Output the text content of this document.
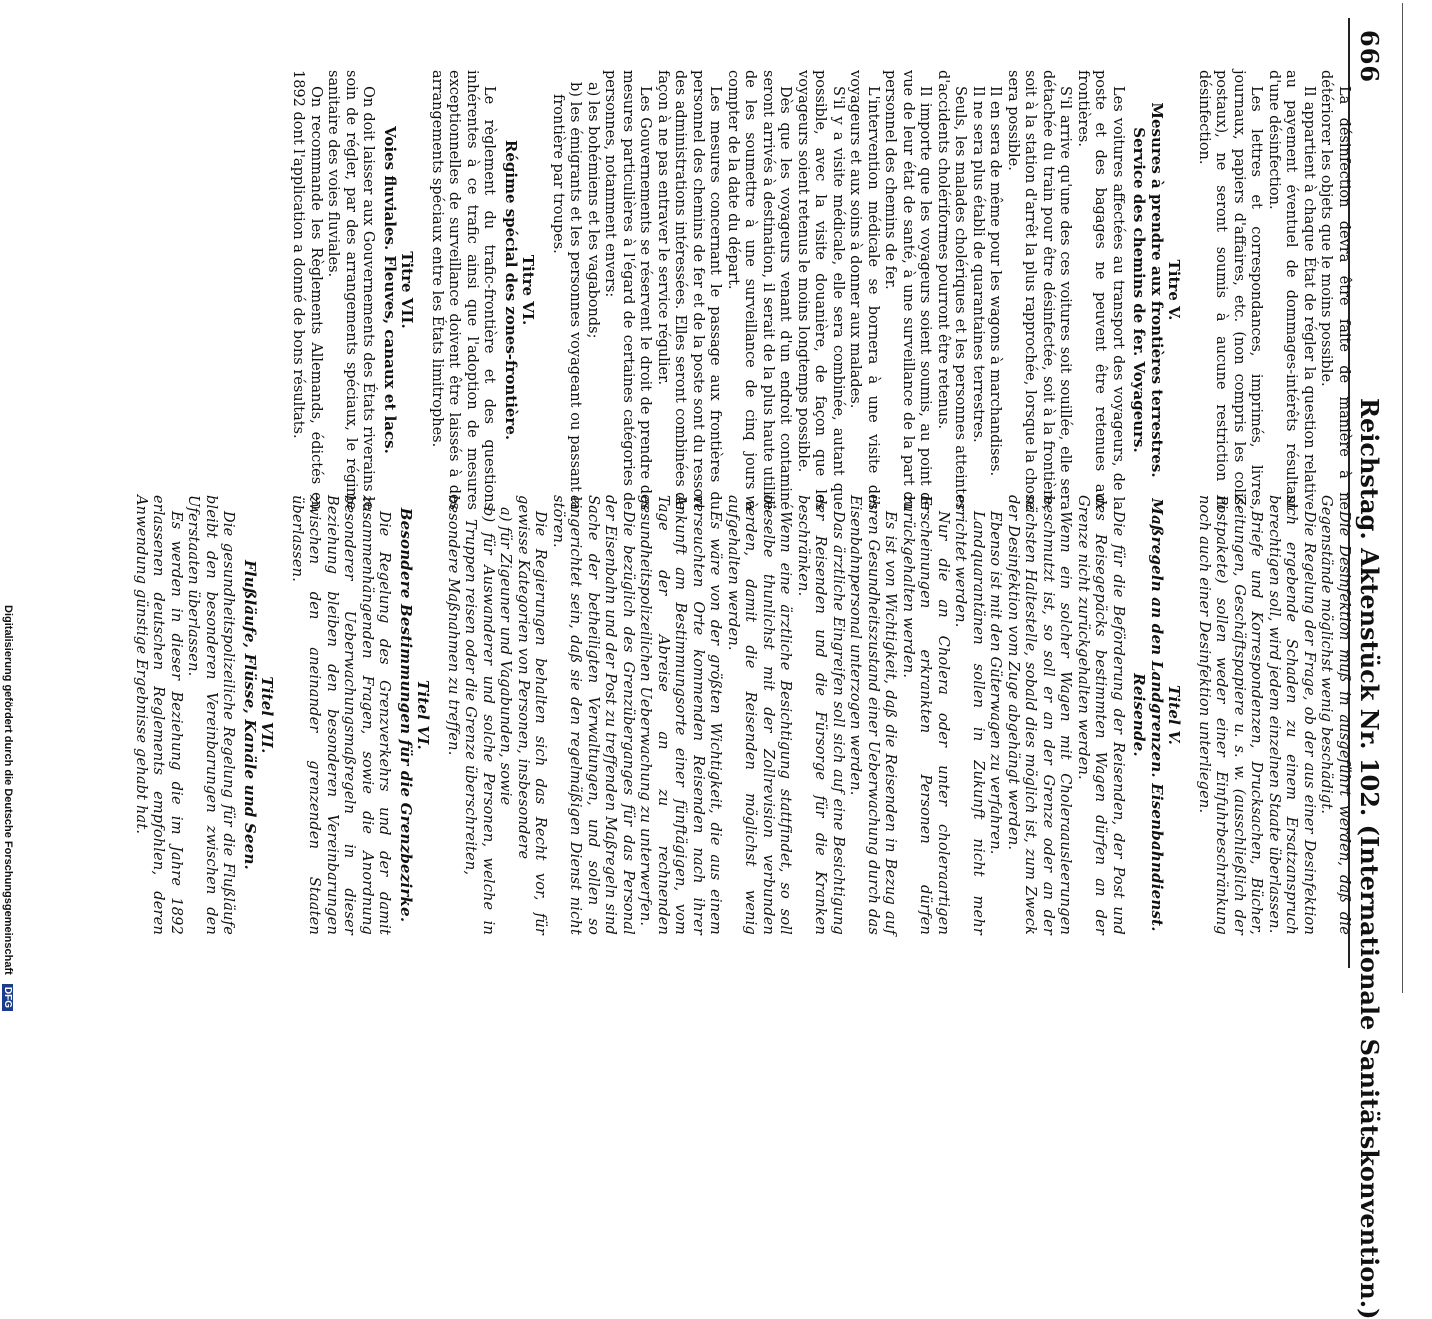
666
Reichstag. Aktenstück Nr. 102. (Internationale Sanitätskonvention.)

La désinfection devra être faite de manière à ne détériorer les objets que le moins possible.

Il appartient à chaque État de régler la question relative au payement éventuel de dommages-intérêts résultant d'une désinfection.

Les lettres et correspondances, imprimés, livres, journaux, papiers d'affaires, etc. (non compris les colis-postaux), ne seront soumis à aucune restriction ni désinfection.

Titre V.
Mesures à prendre aux frontières terrestres. Service des chemins de fer. Voyageurs.

Les voitures affectées au transport des voyageurs, de la poste et des bagages ne peuvent être retenues aux frontières.

S'il arrive qu'une des ces voitures soit souillée, elle sera détachée du train pour être désinfectée, soit à la frontière, soit à la station d'arrêt la plus rapprochée, lorsque la chose sera possible.

Il en sera de même pour les wagons à marchandises.

Il ne sera plus établi de quarantaines terrestres.

Seuls, les malades cholériques et les personnes atteintes d'accidents cholériformes pourront être retenus.

Il importe que les voyageurs soient soumis, au point de vue de leur état de santé, à une surveillance de la part du personnel des chemins de fer.

L'intervention médicale se bornera à une visite des voyageurs et aux soins à donner aux malades.

S'il y a visite médicale, elle sera combinée, autant que possible, avec la visite douanière, de façon que les voyageurs soient retenus le moins longtemps possible.

Dès que les voyageurs venant d'un endroit contaminé seront arrivés à destination, il serait de la plus haute utilité de les soumettre à une surveillance de cinq jours à compter de la date du départ.

Les mesures concernant le passage aux frontières du personnel des chemins de fer et de la poste sont du ressort des administrations intéressées. Elles seront combinées de façon à ne pas entraver le service régulier.

Les Gouvernements se réservent le droit de prendre des mesures particulières à l'égard de certaines catégories de personnes, notamment envers:

a) les bohémiens et les vagabonds;

b) les émigrants et les personnes voyageant ou passant la frontière par troupes.

Titre VI.
Régime spécial des zones-frontière.

Le règlement du trafic-frontière et des questions inhérentes à ce trafic ainsi que l'adoption de mesures exceptionnelles de surveillance doivent être laissés à des arrangements spéciaux entre les États limitrophes.

Titre VII.
Voies fluviales. Fleuves, canaux et lacs.

On doit laisser aux Gouvernements des États riverains le soin de régler, par des arrangements spéciaux, le régime sanitaire des voies fluviales.

On recommande les Règlements Allemands, édictés en 1892 dont l'application a donné de bons résultats.

Die Desinfektion muß in ausgeführt werden, daß die Gegenstände möglichst wenig beschädigt.

Die Regelung der Frage, ob der aus einer Desinfektion sich ergebende Schaden zu einem Ersatzanspruch berechtigen soll, wird jedem einzelnen Staate überlassen.

Briefe und Korrespondenzen, Drucksachen, Bücher, Zeitungen, Geschäftspapiere u. s. w. (ausschließlich der Postpakete) sollen weder einer Einfuhrbeschränkung noch auch einer Desinfektion unterliegen.

Titel V.
Maßregeln an den Landgrenzen. Eisenbahndienst. Reisende.

Die für die Beförderung der Reisenden, der Post und des Reisegepäcks bestimmten Wagen dürfen an der Grenze nicht zurückgehalten werden.

Wenn ein solcher Wagen mit Choleraausleerungen beschmutzt ist, so soll er an der Grenze oder an der nächsten Haltestelle, sobald dies möglich ist, zum Zweck der Desinfektion vom Zuge abgehängt werden.

Ebenso ist mit den Güterwagen zu verfahren.

Landquarantänen sollen in Zukunft nicht mehr errichtet werden.

Nur die an Cholera oder unter choleraartigen Erscheinungen erkrankten Personen dürfen zurückgehalten werden.

Es ist von Wichtigkeit, daß die Reisenden in Bezug auf ihren Gesundheitszustand einer Ueberwachung durch das Eisenbahnpersonal unterzogen werden.

Das ärztliche Eingreifen soll sich auf eine Besichtigung der Reisenden und die Fürsorge für die Kranken beschränken.

Wenn eine ärztliche Besichtigung stattfindet, so soll dieselbe thunlichst mit der Zollrevision verbunden werden, damit die Reisenden möglichst wenig aufgehalten werden.

Es wäre von der größten Wichtigkeit, die aus einem verseuchten Orte kommenden Reisenden nach ihrer Ankunft am Bestimmungsorte einer fünftägigen, vom Tage der Abreise an zu rechnenden gesundheitspolizeilichen Ueberwachung zu unterwerfen.

Die bezüglich des Grenzüberganges für das Personal der Eisenbahn und der Post zu treffenden Maßregeln sind Sache der betheiligten Verwaltungen, und sollen so eingerichtet sein, daß sie den regelmäßigen Dienst nicht stören.

Die Regierungen behalten sich das Recht vor, für gewisse Kategorien von Personen, insbesondere

a) für Zigeuner und Vagabunden, sowie

b) für Auswanderer und solche Personen, welche in Truppen reisen oder die Grenze überschreiten,

besondere Maßnahmen zu treffen.

Titel VI.
Besondere Bestimmungen für die Grenzbezirke.

Die Regelung des Grenzverkehrs und der damit zusammenhängenden Fragen, sowie die Anordnung besonderer Ueberwachungsmaßregeln in dieser Beziehung bleiben den besonderen Vereinbarungen zwischen den aneinander grenzenden Staaten überlassen.

Titel VII.
Flußläufe, Flüsse, Kanäle und Seen.

Die gesundheitspolizeiliche Regelung für die Flußläufe bleibt den besonderen Vereinbarungen zwischen den Uferstaaten überlassen.

Es werden in dieser Beziehung die im Jahre 1892 erlassenen deutschen Reglements empfohlen, deren Anwendung günstige Ergebnisse gehabt hat.

Digitalisierung gefördert durch die Deutsche Forschungsgemeinschaft DFG
